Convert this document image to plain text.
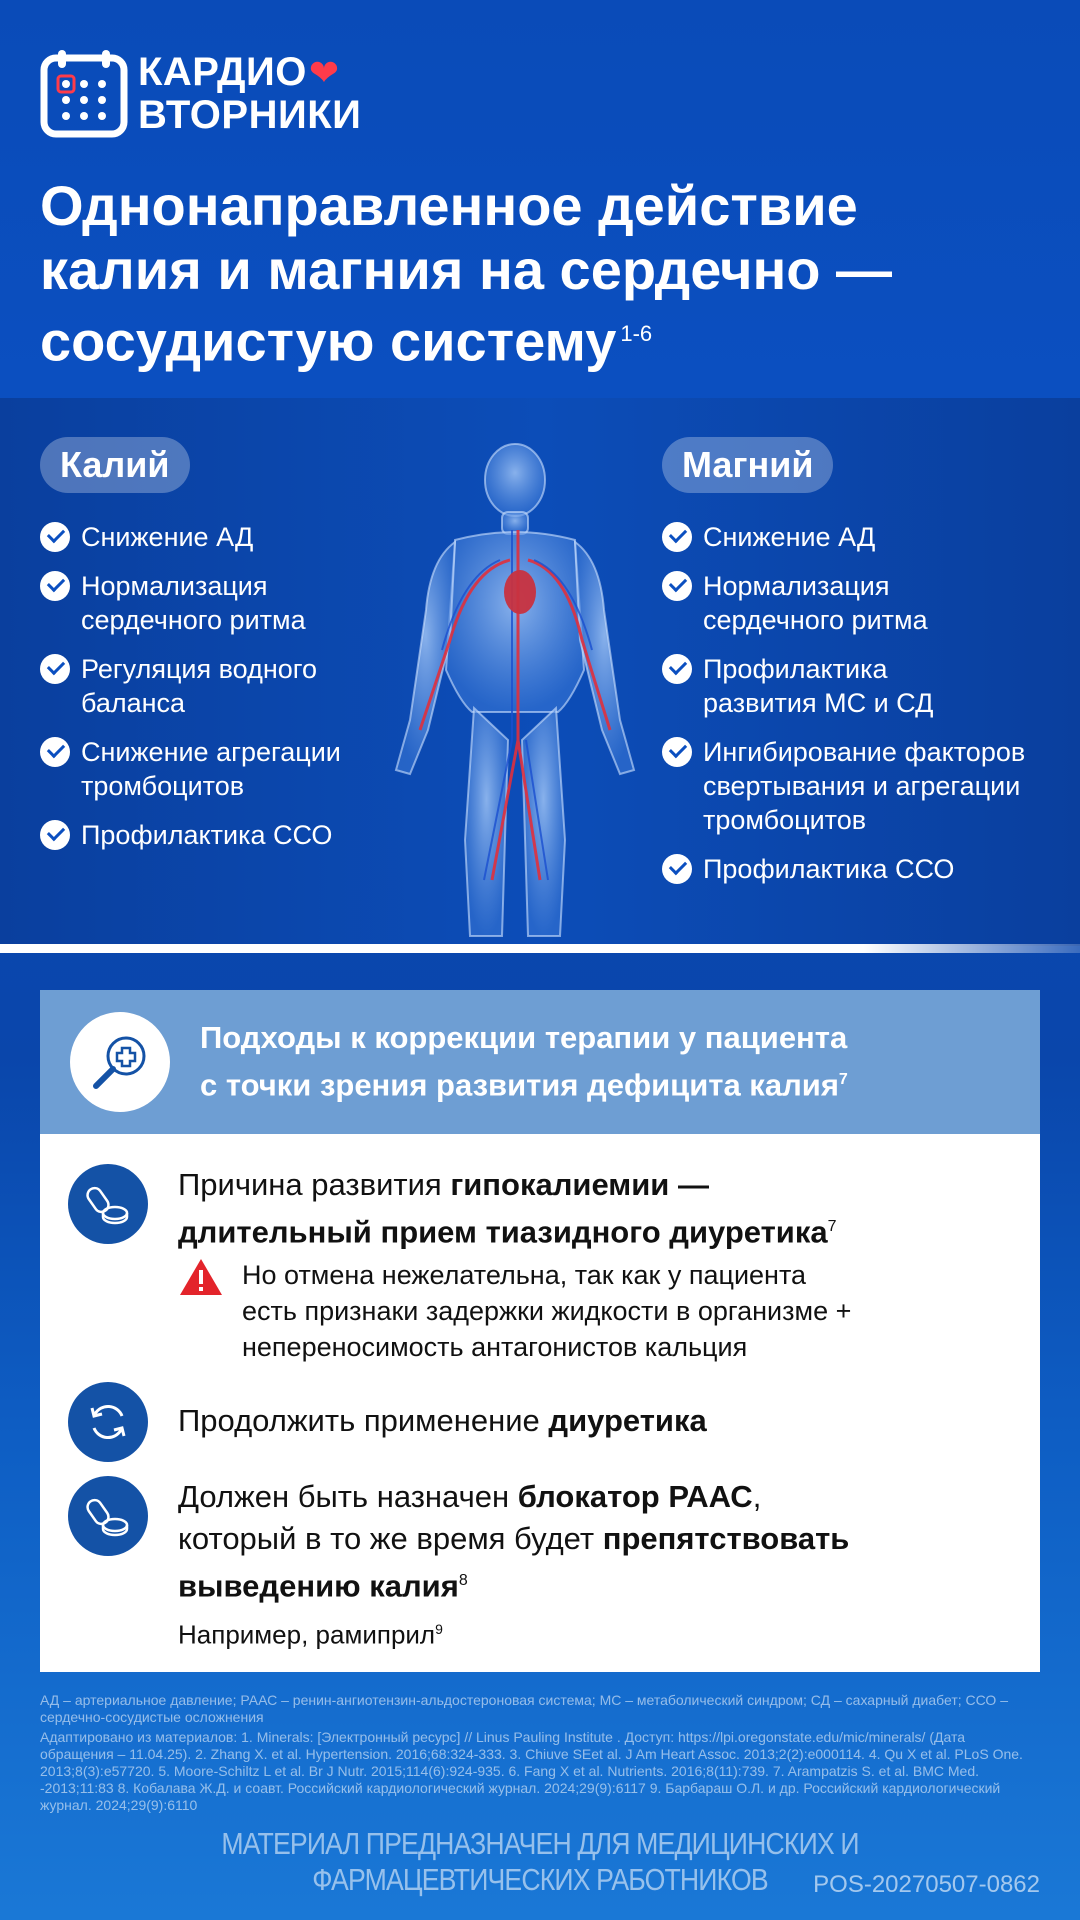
КАРДИО❤
ВТОРНИКИ
Однонаправленное действие
калия и магния на сердечно —
сосудистую систему $^{1-6}$
Калий
Снижение АД
Нормализация
сердечного ритма
Регуляция водного
баланса
Снижение агрегации
тромбоцитов
Профилактика ССО
Магний
Снижение АД
Нормализация
сердечного ритма
Профилактика
развития МС и СД
Ингибирование факторов
свертывания и агрегации
тромбоцитов
Профилактика ССО
Подходы к коррекции терапии у пациента
с точки зрения развития дефицита калия$^7$
Причина развития гипокалиемии —
длительный прием тиазидного диуретика$^7$
Но отмена нежелательна, так как у пациента
есть признаки задержки жидкости в организме +
непереносимость антагонистов кальция
Продолжить применение диуретика
Должен быть назначен блокатор РААС,
который в то же время будет препятствовать
выведению калия$^8$
Например, рамиприл$^9$
АД – артериальное давление; РААС – ренин-ангиотензин-альдостероновая система; МС – метаболический синдром; СД – сахарный диабет; ССО – сердечно-сосудистые осложнения
Адаптировано из материалов: 1. Minerals: [Электронный ресурс] // Linus Pauling Institute . Доступ: https://lpi.oregonstate.edu/mic/minerals/ (Дата обращения – 11.04.25). 2. Zhang X. et al. Hypertension. 2016;68:324-333. 3. Chiuve SEet al. J Am Heart Assoc. 2013;2(2):e000114. 4. Qu X et al. PLoS One. 2013;8(3):e57720. 5. Moore-Schiltz L et al. Br J Nutr. 2015;114(6):924-935. 6. Fang X et al. Nutrients. 2016;8(11):739. 7. Arampatzis S. et al. BMC Med. -2013;11:83 8. Кобалава Ж.Д. и соавт. Российский кардиологический журнал. 2024;29(9):6117 9. Барбараш О.Л. и др. Российский кардиологический журнал. 2024;29(9):6110
МАТЕРИАЛ ПРЕДНАЗНАЧЕН ДЛЯ МЕДИЦИНСКИХ И ФАРМАЦЕВТИЧЕСКИХ РАБОТНИКОВ	POS-20270507-0862
